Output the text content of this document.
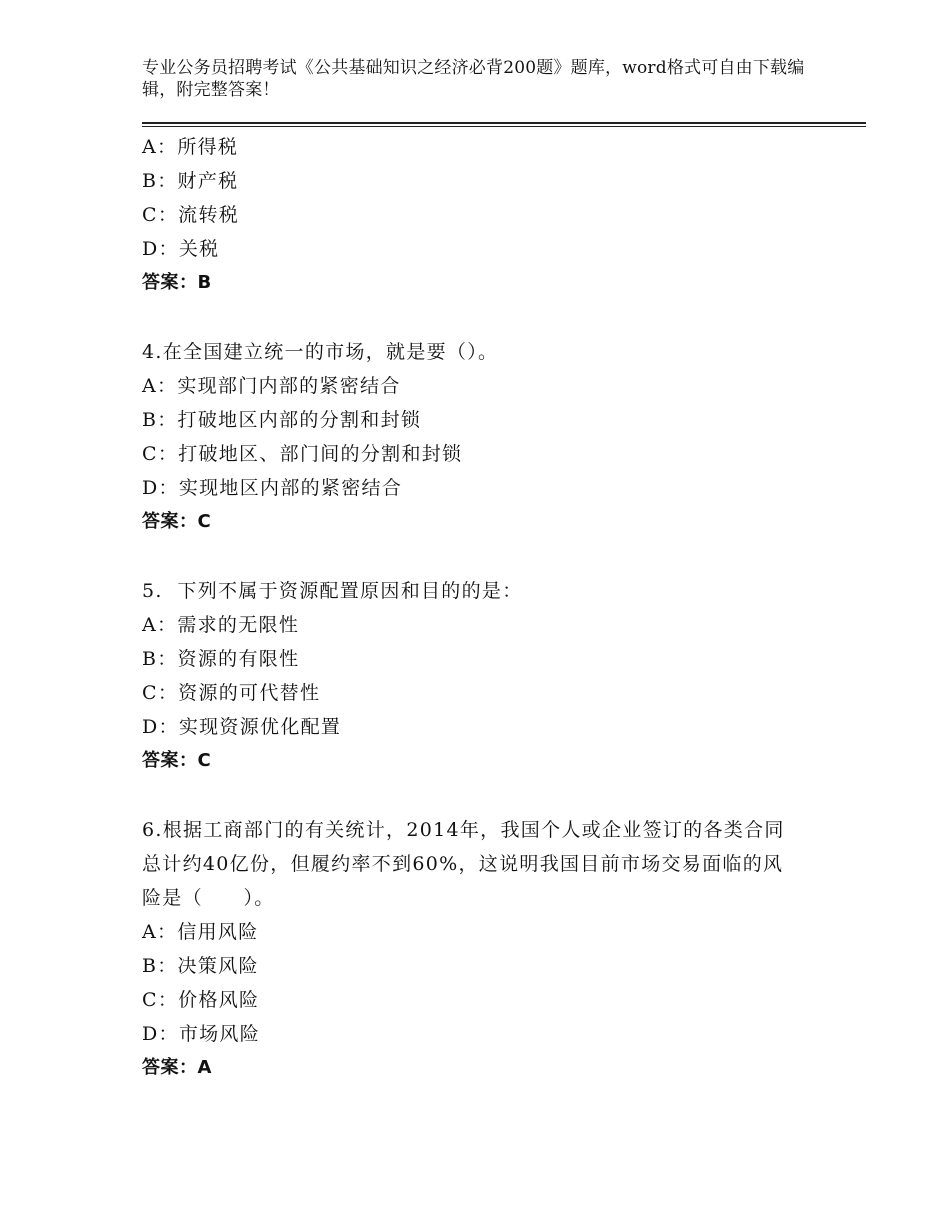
专业公务员招聘考试《公共基础知识之经济必背200题》题库，word格式可自由下载编辑，附完整答案！
A：所得税
B：财产税
C：流转税
D：关税
答案：B
4.在全国建立统一的市场，就是要（）。
A：实现部门内部的紧密结合
B：打破地区内部的分割和封锁
C：打破地区、部门间的分割和封锁
D：实现地区内部的紧密结合
答案：C
5.  下列不属于资源配置原因和目的的是：
A：需求的无限性
B：资源的有限性
C：资源的可代替性
D：实现资源优化配置
答案：C
6.根据工商部门的有关统计，2014年，我国个人或企业签订的各类合同总计约40亿份，但履约率不到60%，这说明我国目前市场交易面临的风险是（　　）。
A：信用风险
B：决策风险
C：价格风险
D：市场风险
答案：A
